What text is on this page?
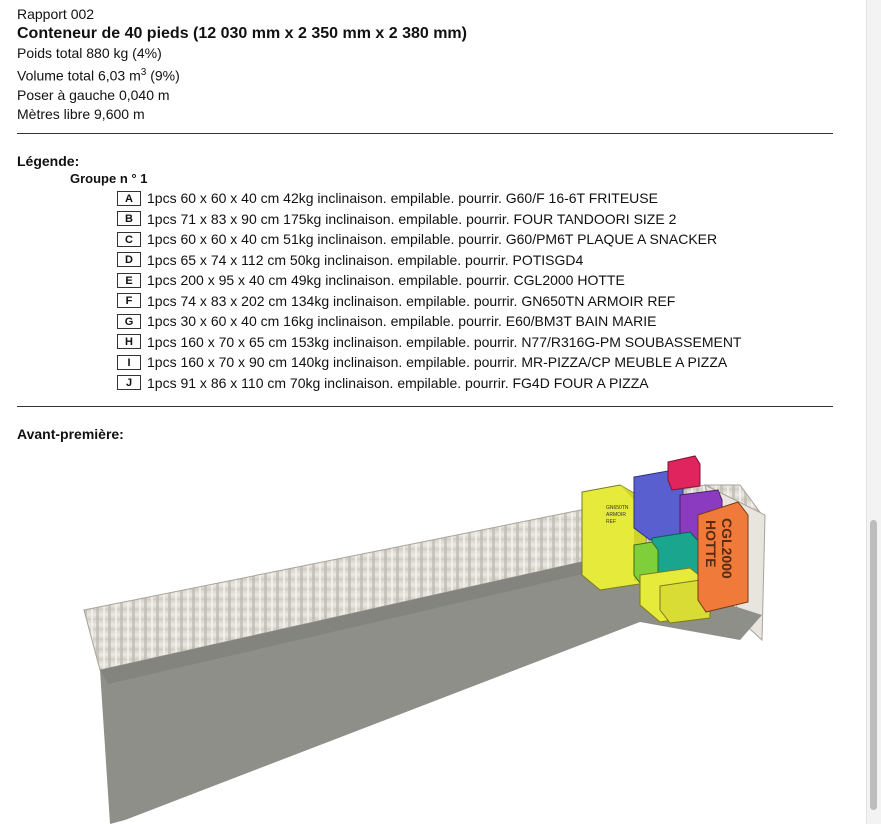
Rapport 002
Conteneur de 40 pieds (12 030 mm x 2 350 mm x 2 380 mm)
Poids total 880 kg (4%)
Volume total 6,03 $m^3$ (9%)
Poser à gauche 0,040 m
Mètres libre 9,600 m
Légende:
Groupe n ° 1
A	1pcs 60 x 60 x 40 cm 42kg inclinaison. empilable. pourrir. G60/F 16-6T FRITEUSE
B	1pcs 71 x 83 x 90 cm 175kg inclinaison. empilable. pourrir. FOUR TANDOORI SIZE 2
C	1pcs 60 x 60 x 40 cm 51kg inclinaison. empilable. pourrir. G60/PM6T PLAQUE A SNACKER
D	1pcs 65 x 74 x 112 cm 50kg inclinaison. empilable. pourrir. POTISGD4
E	1pcs 200 x 95 x 40 cm 49kg inclinaison. empilable. pourrir. CGL2000 HOTTE
F	1pcs 74 x 83 x 202 cm 134kg inclinaison. empilable. pourrir. GN650TN ARMOIR REF
G 1pcs 30 x 60 x 40 cm 16kg inclinaison. empilable. pourrir. E60/BM3T BAIN MARIE
H	1pcs 160 x 70 x 65 cm 153kg inclinaison. empilable. pourrir. N77/R316G-PM SOUBASSEMENT
I	1pcs 160 x 70 x 90 cm 140kg inclinaison. empilable. pourrir. MR-PIZZA/CP MEUBLE A PIZZA
J	1pcs 91 x 86 x 110 cm 70kg inclinaison. empilable. pourrir. FG4D FOUR A PIZZA
Avant-première:
GN650TN
ARMOIR
REF	CGL2000
HOTTE
